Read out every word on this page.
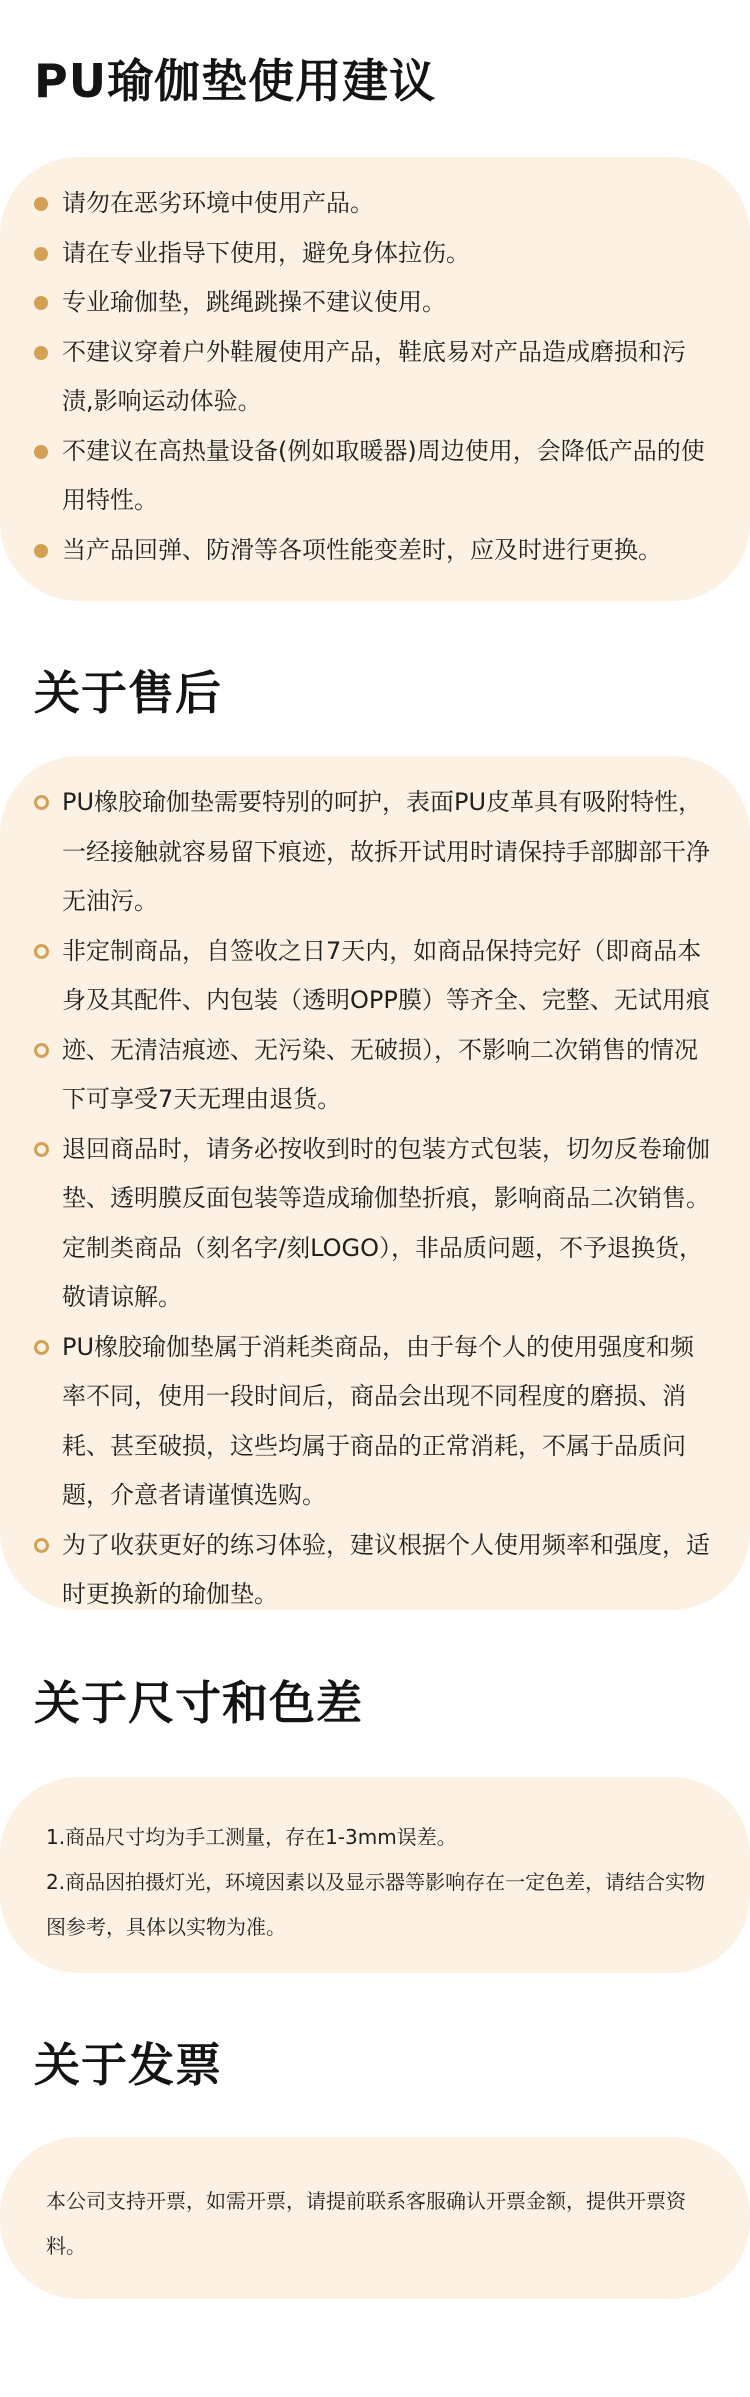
PU瑜伽垫使用建议
请勿在恶劣环境中使用产品。
请在专业指导下使用，避免身体拉伤。
专业瑜伽垫，跳绳跳操不建议使用。
不建议穿着户外鞋履使用产品，鞋底易对产品造成磨损和污渍,影响运动体验。
不建议在高热量设备(例如取暖器)周边使用，会降低产品的使用特性。
当产品回弹、防滑等各项性能变差时，应及时进行更换。
关于售后
PU橡胶瑜伽垫需要特别的呵护，表面PU皮革具有吸附特性，一经接触就容易留下痕迹，故拆开试用时请保持手部脚部干净无油污。
非定制商品，自签收之日7天内，如商品保持完好（即商品本身及其配件、内包装（透明OPP膜）等齐全、完整、无试用痕迹、无清洁痕迹、无污染、无破损），不影响二次销售的情况下可享受7天无理由退货。
退回商品时，请务必按收到时的包装方式包装，切勿反卷瑜伽垫、透明膜反面包装等造成瑜伽垫折痕，影响商品二次销售。定制类商品（刻名字/刻LOGO），非品质问题，不予退换货，敬请谅解。
PU橡胶瑜伽垫属于消耗类商品，由于每个人的使用强度和频率不同，使用一段时间后，商品会出现不同程度的磨损、消耗、甚至破损，这些均属于商品的正常消耗，不属于品质问题，介意者请谨慎选购。
为了收获更好的练习体验，建议根据个人使用频率和强度，适时更换新的瑜伽垫。
关于尺寸和色差
1.商品尺寸均为手工测量，存在1-3mm误差。
2.商品因拍摄灯光，环境因素以及显示器等影响存在一定色差，请结合实物图参考，具体以实物为准。
关于发票
本公司支持开票，如需开票，请提前联系客服确认开票金额，提供开票资料。
